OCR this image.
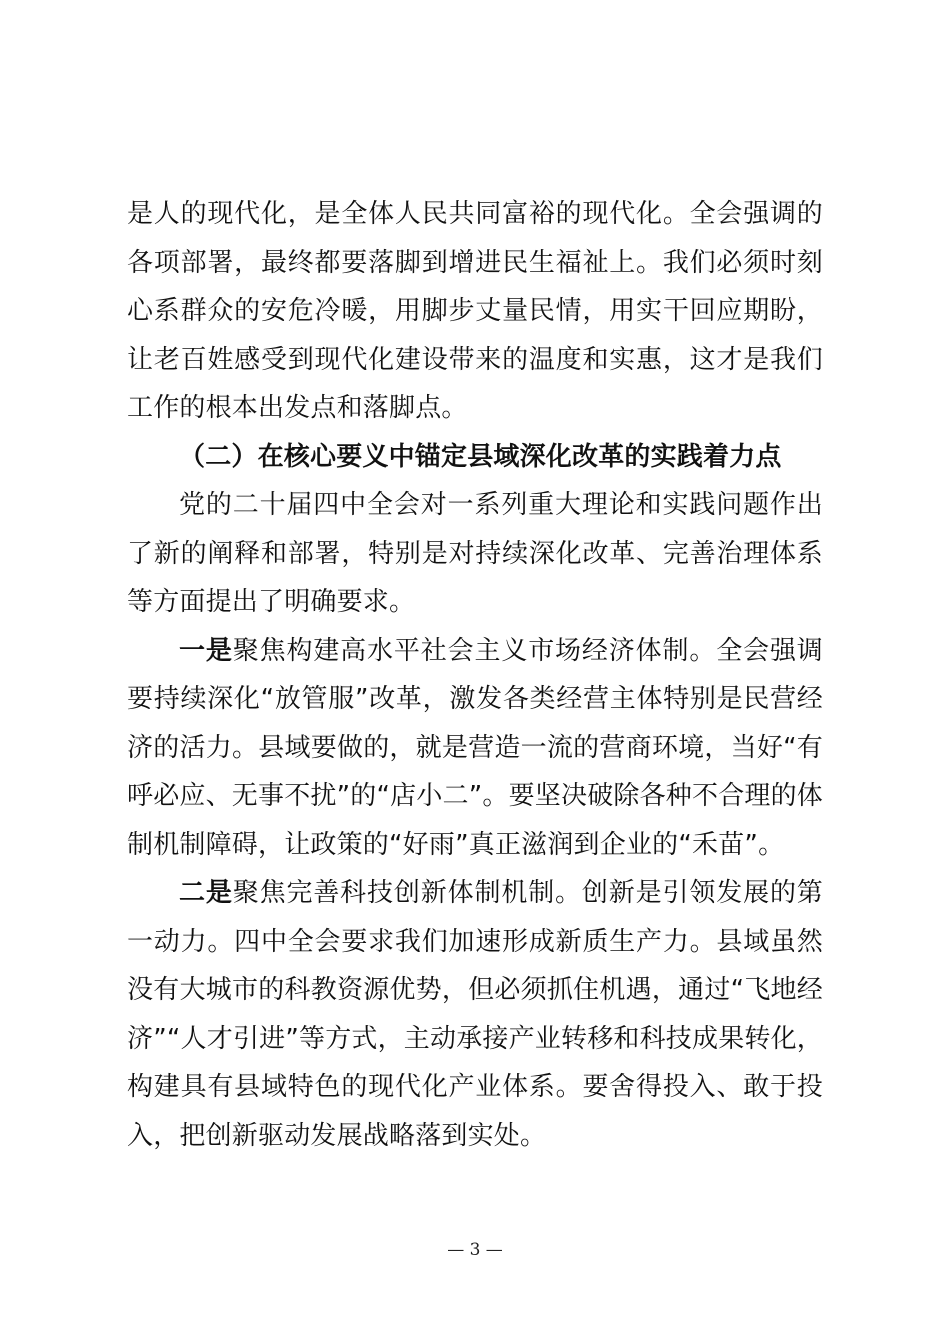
是人的现代化，是全体人民共同富裕的现代化。全会强调的各项部署，最终都要落脚到增进民生福祉上。我们必须时刻心系群众的安危冷暖，用脚步丈量民情，用实干回应期盼，让老百姓感受到现代化建设带来的温度和实惠，这才是我们工作的根本出发点和落脚点。

（二）在核心要义中锚定县域深化改革的实践着力点

党的二十届四中全会对一系列重大理论和实践问题作出了新的阐释和部署，特别是对持续深化改革、完善治理体系等方面提出了明确要求。

一是聚焦构建高水平社会主义市场经济体制。全会强调要持续深化“放管服”改革，激发各类经营主体特别是民营经济的活力。县域要做的，就是营造一流的营商环境，当好“有呼必应、无事不扰”的“店小二”。要坚决破除各种不合理的体制机制障碍，让政策的“好雨”真正滋润到企业的“禾苗”。

二是聚焦完善科技创新体制机制。创新是引领发展的第一动力。四中全会要求我们加速形成新质生产力。县域虽然没有大城市的科教资源优势，但必须抓住机遇，通过“飞地经济”“人才引进”等方式，主动承接产业转移和科技成果转化，构建具有县域特色的现代化产业体系。要舍得投入、敢于投入，把创新驱动发展战略落到实处。

— 3 —
